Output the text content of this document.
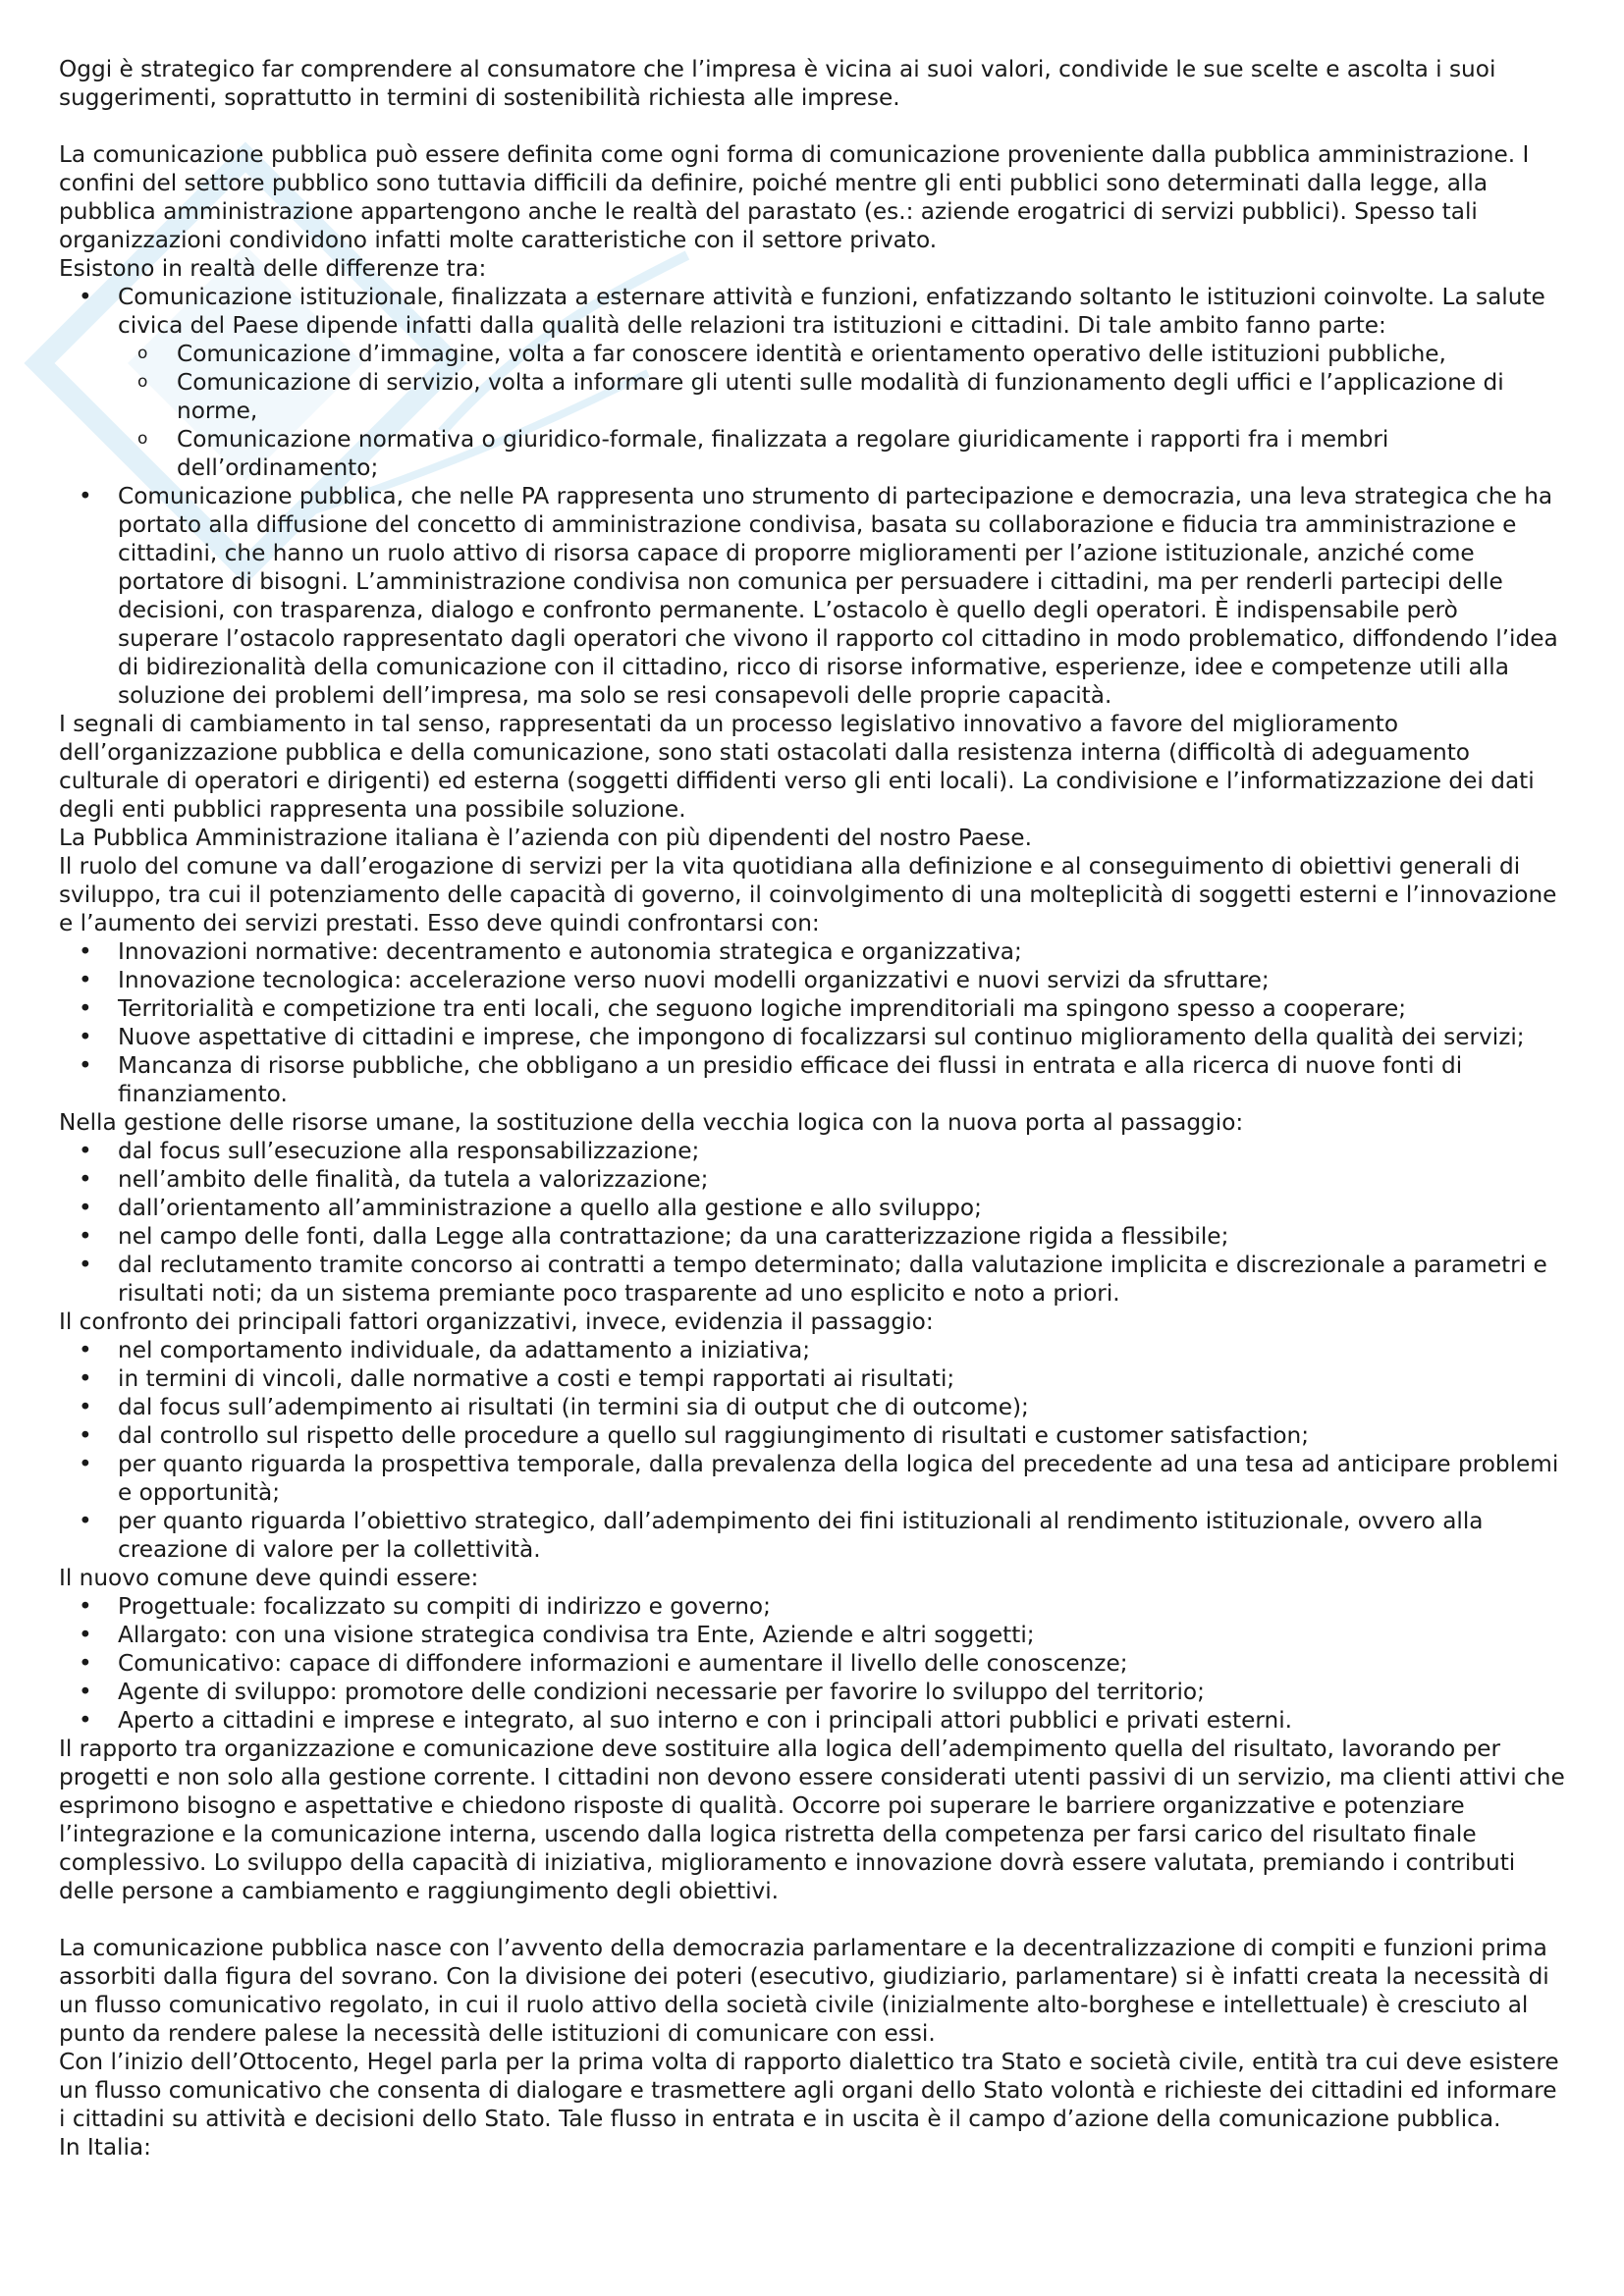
Oggi è strategico far comprendere al consumatore che l’impresa è vicina ai suoi valori, condivide le sue scelte e ascolta i suoi suggerimenti, soprattutto in termini di sostenibilità richiesta alle imprese.

La comunicazione pubblica può essere definita come ogni forma di comunicazione proveniente dalla pubblica amministrazione. I confini del settore pubblico sono tuttavia difficili da definire, poiché mentre gli enti pubblici sono determinati dalla legge, alla pubblica amministrazione appartengono anche le realtà del parastato (es.: aziende erogatrici di servizi pubblici). Spesso tali organizzazioni condividono infatti molte caratteristiche con il settore privato.

Esistono in realtà delle differenze tra:

• Comunicazione istituzionale, finalizzata a esternare attività e funzioni, enfatizzando soltanto le istituzioni coinvolte. La salute civica del Paese dipende infatti dalla qualità delle relazioni tra istituzioni e cittadini. Di tale ambito fanno parte:
o Comunicazione d’immagine, volta a far conoscere identità e orientamento operativo delle istituzioni pubbliche,
o Comunicazione di servizio, volta a informare gli utenti sulle modalità di funzionamento degli uffici e l’applicazione di norme,
o Comunicazione normativa o giuridico-formale, finalizzata a regolare giuridicamente i rapporti fra i membri dell’ordinamento;
• Comunicazione pubblica, che nelle PA rappresenta uno strumento di partecipazione e democrazia, una leva strategica che ha portato alla diffusione del concetto di amministrazione condivisa, basata su collaborazione e fiducia tra amministrazione e cittadini, che hanno un ruolo attivo di risorsa capace di proporre miglioramenti per l’azione istituzionale, anziché come portatore di bisogni. L’amministrazione condivisa non comunica per persuadere i cittadini, ma per renderli partecipi delle decisioni, con trasparenza, dialogo e confronto permanente. L’ostacolo è quello degli operatori. È indispensabile però superare l’ostacolo rappresentato dagli operatori che vivono il rapporto col cittadino in modo problematico, diffondendo l’idea di bidirezionalità della comunicazione con il cittadino, ricco di risorse informative, esperienze, idee e competenze utili alla soluzione dei problemi dell’impresa, ma solo se resi consapevoli delle proprie capacità.

I segnali di cambiamento in tal senso, rappresentati da un processo legislativo innovativo a favore del miglioramento dell’organizzazione pubblica e della comunicazione, sono stati ostacolati dalla resistenza interna (difficoltà di adeguamento culturale di operatori e dirigenti) ed esterna (soggetti diffidenti verso gli enti locali). La condivisione e l’informatizzazione dei dati degli enti pubblici rappresenta una possibile soluzione.

La Pubblica Amministrazione italiana è l’azienda con più dipendenti del nostro Paese.

Il ruolo del comune va dall’erogazione di servizi per la vita quotidiana alla definizione e al conseguimento di obiettivi generali di sviluppo, tra cui il potenziamento delle capacità di governo, il coinvolgimento di una molteplicità di soggetti esterni e l’innovazione e l’aumento dei servizi prestati. Esso deve quindi confrontarsi con:

• Innovazioni normative: decentramento e autonomia strategica e organizzativa;
• Innovazione tecnologica: accelerazione verso nuovi modelli organizzativi e nuovi servizi da sfruttare;
• Territorialità e competizione tra enti locali, che seguono logiche imprenditoriali ma spingono spesso a cooperare;
• Nuove aspettative di cittadini e imprese, che impongono di focalizzarsi sul continuo miglioramento della qualità dei servizi;
• Mancanza di risorse pubbliche, che obbligano a un presidio efficace dei flussi in entrata e alla ricerca di nuove fonti di finanziamento.

Nella gestione delle risorse umane, la sostituzione della vecchia logica con la nuova porta al passaggio:

• dal focus sull’esecuzione alla responsabilizzazione;
• nell’ambito delle finalità, da tutela a valorizzazione;
• dall’orientamento all’amministrazione a quello alla gestione e allo sviluppo;
• nel campo delle fonti, dalla Legge alla contrattazione; da una caratterizzazione rigida a flessibile;
• dal reclutamento tramite concorso ai contratti a tempo determinato; dalla valutazione implicita e discrezionale a parametri e risultati noti; da un sistema premiante poco trasparente ad uno esplicito e noto a priori.

Il confronto dei principali fattori organizzativi, invece, evidenzia il passaggio:

• nel comportamento individuale, da adattamento a iniziativa;
• in termini di vincoli, dalle normative a costi e tempi rapportati ai risultati;
• dal focus sull’adempimento ai risultati (in termini sia di output che di outcome);
• dal controllo sul rispetto delle procedure a quello sul raggiungimento di risultati e customer satisfaction;
• per quanto riguarda la prospettiva temporale, dalla prevalenza della logica del precedente ad una tesa ad anticipare problemi e opportunità;
• per quanto riguarda l’obiettivo strategico, dall’adempimento dei fini istituzionali al rendimento istituzionale, ovvero alla creazione di valore per la collettività.

Il nuovo comune deve quindi essere:

• Progettuale: focalizzato su compiti di indirizzo e governo;
• Allargato: con una visione strategica condivisa tra Ente, Aziende e altri soggetti;
• Comunicativo: capace di diffondere informazioni e aumentare il livello delle conoscenze;
• Agente di sviluppo: promotore delle condizioni necessarie per favorire lo sviluppo del territorio;
• Aperto a cittadini e imprese e integrato, al suo interno e con i principali attori pubblici e privati esterni.

Il rapporto tra organizzazione e comunicazione deve sostituire alla logica dell’adempimento quella del risultato, lavorando per progetti e non solo alla gestione corrente. I cittadini non devono essere considerati utenti passivi di un servizio, ma clienti attivi che esprimono bisogno e aspettative e chiedono risposte di qualità. Occorre poi superare le barriere organizzative e potenziare l’integrazione e la comunicazione interna, uscendo dalla logica ristretta della competenza per farsi carico del risultato finale complessivo. Lo sviluppo della capacità di iniziativa, miglioramento e innovazione dovrà essere valutata, premiando i contributi delle persone a cambiamento e raggiungimento degli obiettivi.

La comunicazione pubblica nasce con l’avvento della democrazia parlamentare e la decentralizzazione di compiti e funzioni prima assorbiti dalla figura del sovrano. Con la divisione dei poteri (esecutivo, giudiziario, parlamentare) si è infatti creata la necessità di un flusso comunicativo regolato, in cui il ruolo attivo della società civile (inizialmente alto-borghese e intellettuale) è cresciuto al punto da rendere palese la necessità delle istituzioni di comunicare con essi.

Con l’inizio dell’Ottocento, Hegel parla per la prima volta di rapporto dialettico tra Stato e società civile, entità tra cui deve esistere un flusso comunicativo che consenta di dialogare e trasmettere agli organi dello Stato volontà e richieste dei cittadini ed informare i cittadini su attività e decisioni dello Stato. Tale flusso in entrata e in uscita è il campo d’azione della comunicazione pubblica.

In Italia:
